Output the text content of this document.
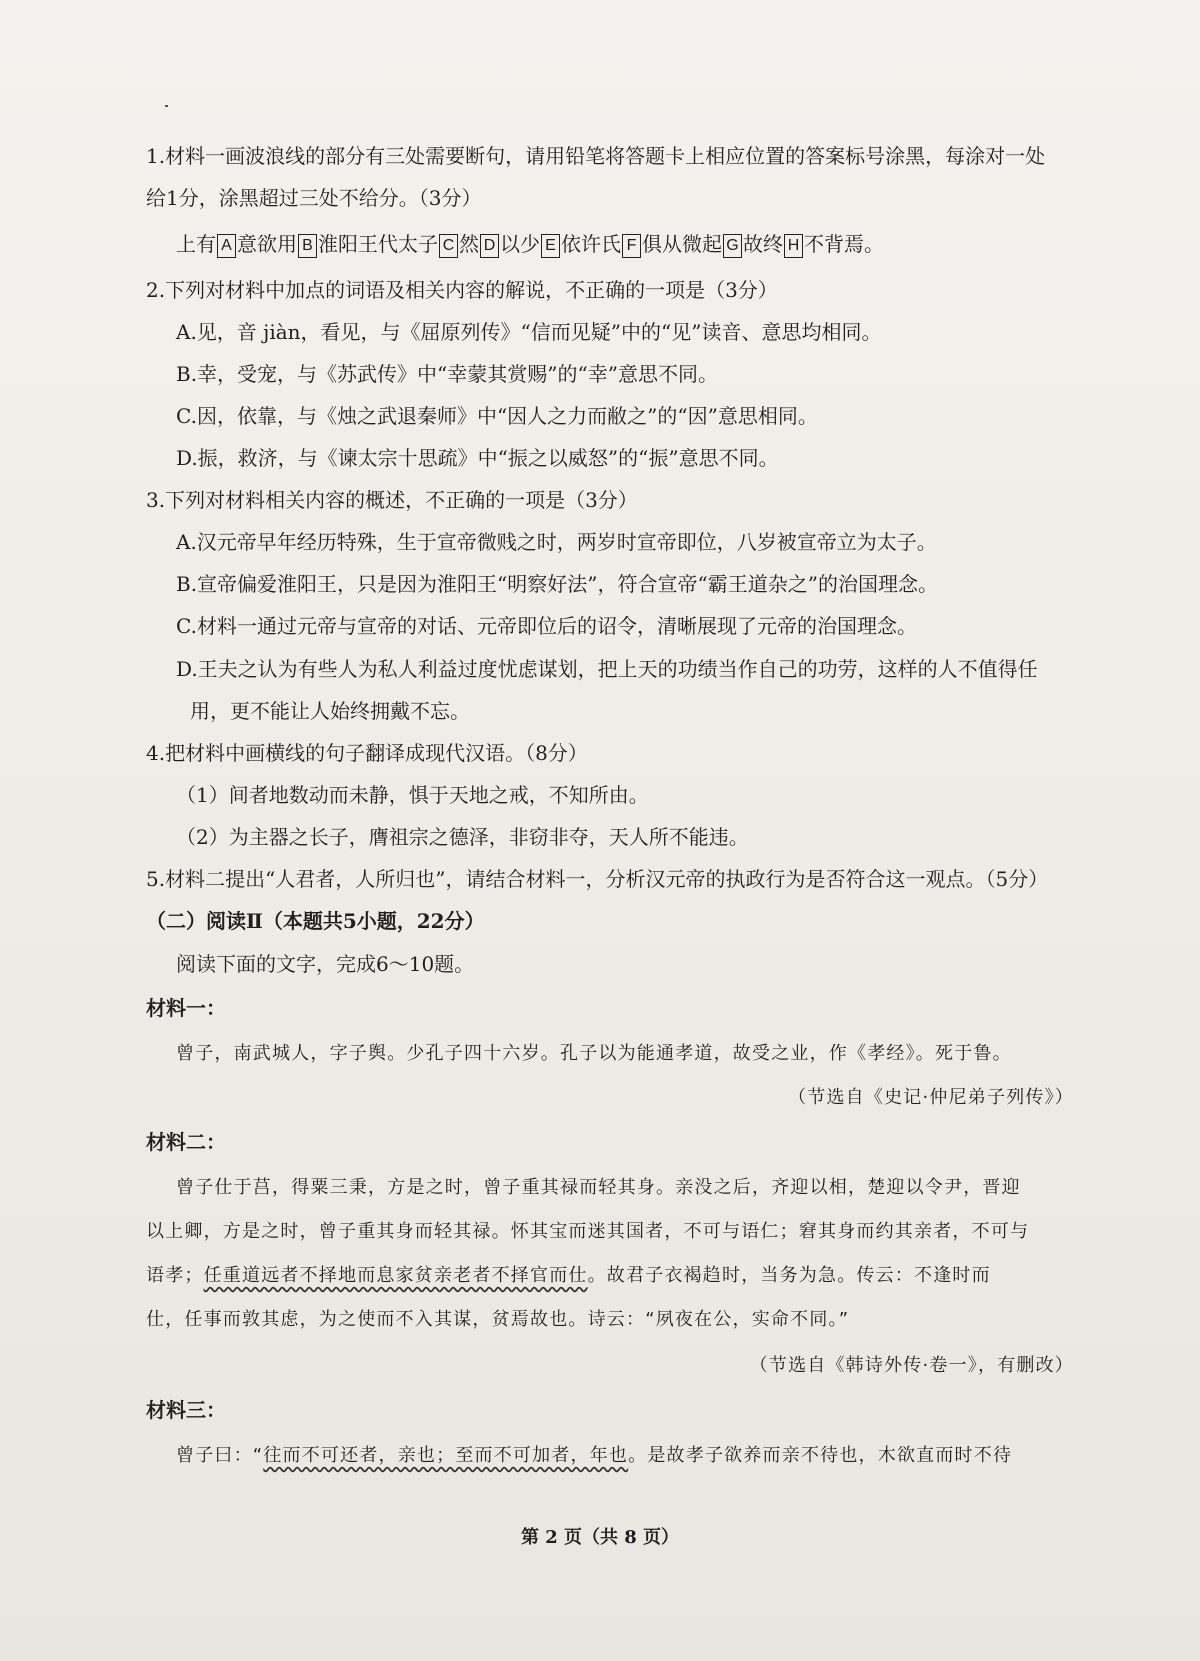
1.材料一画波浪线的部分有三处需要断句，请用铅笔将答题卡上相应位置的答案标号涂黑，每涂对一处
给1分，涂黑超过三处不给分。（3分）
上有 A 意欲用 B 淮阳王代太子 C 然 D 以少 E 依许氏 F 俱从微起 G 故终 H 不背焉。
2.下列对材料中加点的词语及相关内容的解说，不正确的一项是（3分）
A.见，音 jiàn，看见，与《屈原列传》“信而见疑”中的“见”读音、意思均相同。
B.幸，受宠，与《苏武传》中“幸蒙其赏赐”的“幸”意思不同。
C.因，依靠，与《烛之武退秦师》中“因人之力而敝之”的“因”意思相同。
D.振，救济，与《谏太宗十思疏》中“振之以威怒”的“振”意思不同。
3.下列对材料相关内容的概述，不正确的一项是（3分）
A.汉元帝早年经历特殊，生于宣帝微贱之时，两岁时宣帝即位，八岁被宣帝立为太子。
B.宣帝偏爱淮阳王，只是因为淮阳王“明察好法”，符合宣帝“霸王道杂之”的治国理念。
C.材料一通过元帝与宣帝的对话、元帝即位后的诏令，清晰展现了元帝的治国理念。
D.王夫之认为有些人为私人利益过度忧虑谋划，把上天的功绩当作自己的功劳，这样的人不值得任
用，更不能让人始终拥戴不忘。
4.把材料中画横线的句子翻译成现代汉语。（8分）
（1）间者地数动而未静，惧于天地之戒，不知所由。
（2）为主器之长子，膺祖宗之德泽，非窃非夺，天人所不能违。
5.材料二提出“人君者，人所归也”，请结合材料一，分析汉元帝的执政行为是否符合这一观点。（5分）
（二）阅读Ⅱ（本题共5小题，22分）
阅读下面的文字，完成6～10题。
材料一：
曾子，南武城人，字子舆。少孔子四十六岁。孔子以为能通孝道，故受之业，作《孝经》。死于鲁。
（节选自《史记·仲尼弟子列传》）
材料二：
曾子仕于莒，得粟三秉，方是之时，曾子重其禄而轻其身。亲没之后，齐迎以相，楚迎以令尹，晋迎
以上卿，方是之时，曾子重其身而轻其禄。怀其宝而迷其国者，不可与语仁；窘其身而约其亲者，不可与
语孝；任重道远者不择地而息家贫亲老者不择官而仕。故君子衣褐趋时，当务为急。传云：不逢时而
仕，任事而敦其虑，为之使而不入其谋，贫焉故也。诗云：“夙夜在公，实命不同。”
（节选自《韩诗外传·卷一》，有删改）
材料三：
曾子曰：“往而不可还者，亲也；至而不可加者，年也。是故孝子欲养而亲不待也，木欲直而时不待
第 2 页（共 8 页）
